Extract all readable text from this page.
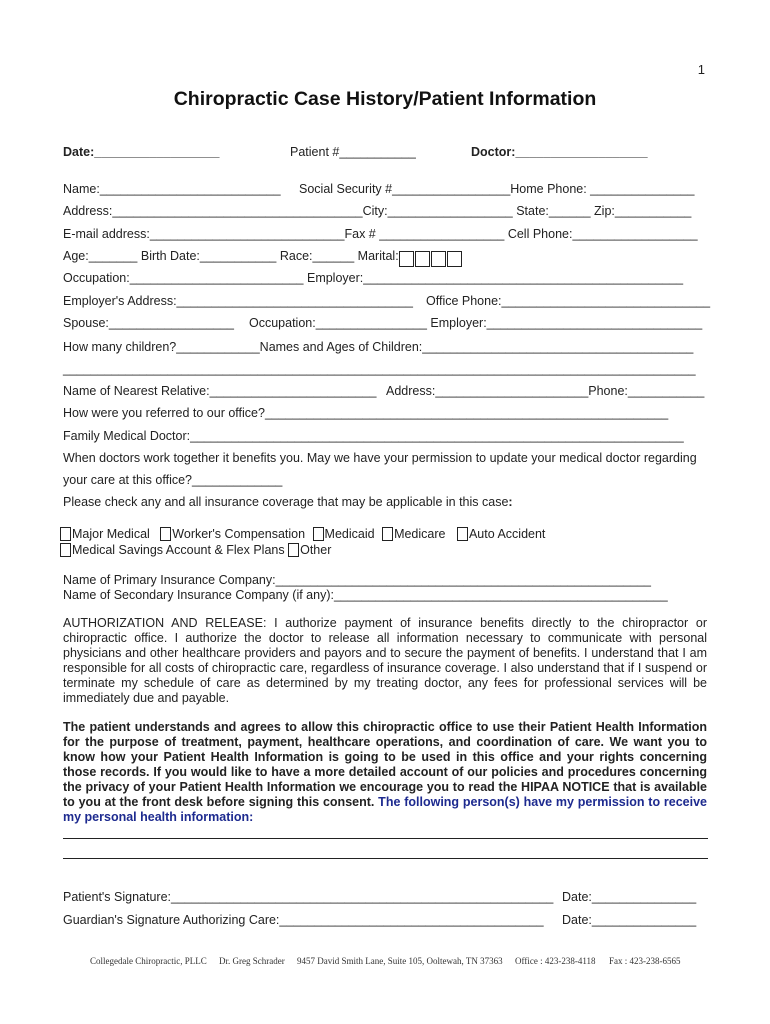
1
Chiropractic Case History/Patient Information
Date:__________________	Patient #___________	Doctor:___________________
Name:__________________________ Social Security #_________________Home Phone: _______________
Address:____________________________________City:__________________ State:______ Zip:___________
E-mail address:____________________________Fax # __________________ Cell Phone:__________________
Age:_______ Birth Date:___________ Race:______ Marital:
Occupation:_________________________ Employer:______________________________________________
Employer's Address:__________________________________ Office Phone:______________________________
Spouse:__________________ Occupation:________________ Employer:_______________________________
How many children?____________Names and Ages of Children:_______________________________________
___________________________________________________________________________________________
Name of Nearest Relative:________________________ Address:______________________Phone:___________
How were you referred to our office?__________________________________________________________
Family Medical Doctor:_______________________________________________________________________
When doctors work together it benefits you. May we have your permission to update your medical doctor regarding
your care at this office?_____________
Please check any and all insurance coverage that may be applicable in this case:
Major Medical Worker's Compensation Medicaid Medicare Auto Accident
Medical Savings Account & Flex Plans Other
Name of Primary Insurance Company:______________________________________________________
Name of Secondary Insurance Company (if any):________________________________________________
AUTHORIZATION AND RELEASE: I authorize payment of insurance benefits directly to the chiropractor or chiropractic office. I authorize the doctor to release all information necessary to communicate with personal physicians and other healthcare providers and payors and to secure the payment of benefits. I understand that I am responsible for all costs of chiropractic care, regardless of insurance coverage. I also understand that if I suspend or terminate my schedule of care as determined by my treating doctor, any fees for professional services will be immediately due and payable.
The patient understands and agrees to allow this chiropractic office to use their Patient Health Information for the purpose of treatment, payment, healthcare operations, and coordination of care. We want you to know how your Patient Health Information is going to be used in this office and your rights concerning those records. If you would like to have a more detailed account of our policies and procedures concerning the privacy of your Patient Health Information we encourage you to read the HIPAA NOTICE that is available to you at the front desk before signing this consent. The following person(s) have my permission to receive my personal health information:
Patient's Signature:_______________________________________________________ Date:_______________
Guardian's Signature Authorizing Care:______________________________________ Date:_______________
Collegedale Chiropractic, PLLC Dr. Greg Schrader 9457 David Smith Lane, Suite 105, Ooltewah, TN 37363 Office : 423-238-4118 Fax : 423-238-6565
